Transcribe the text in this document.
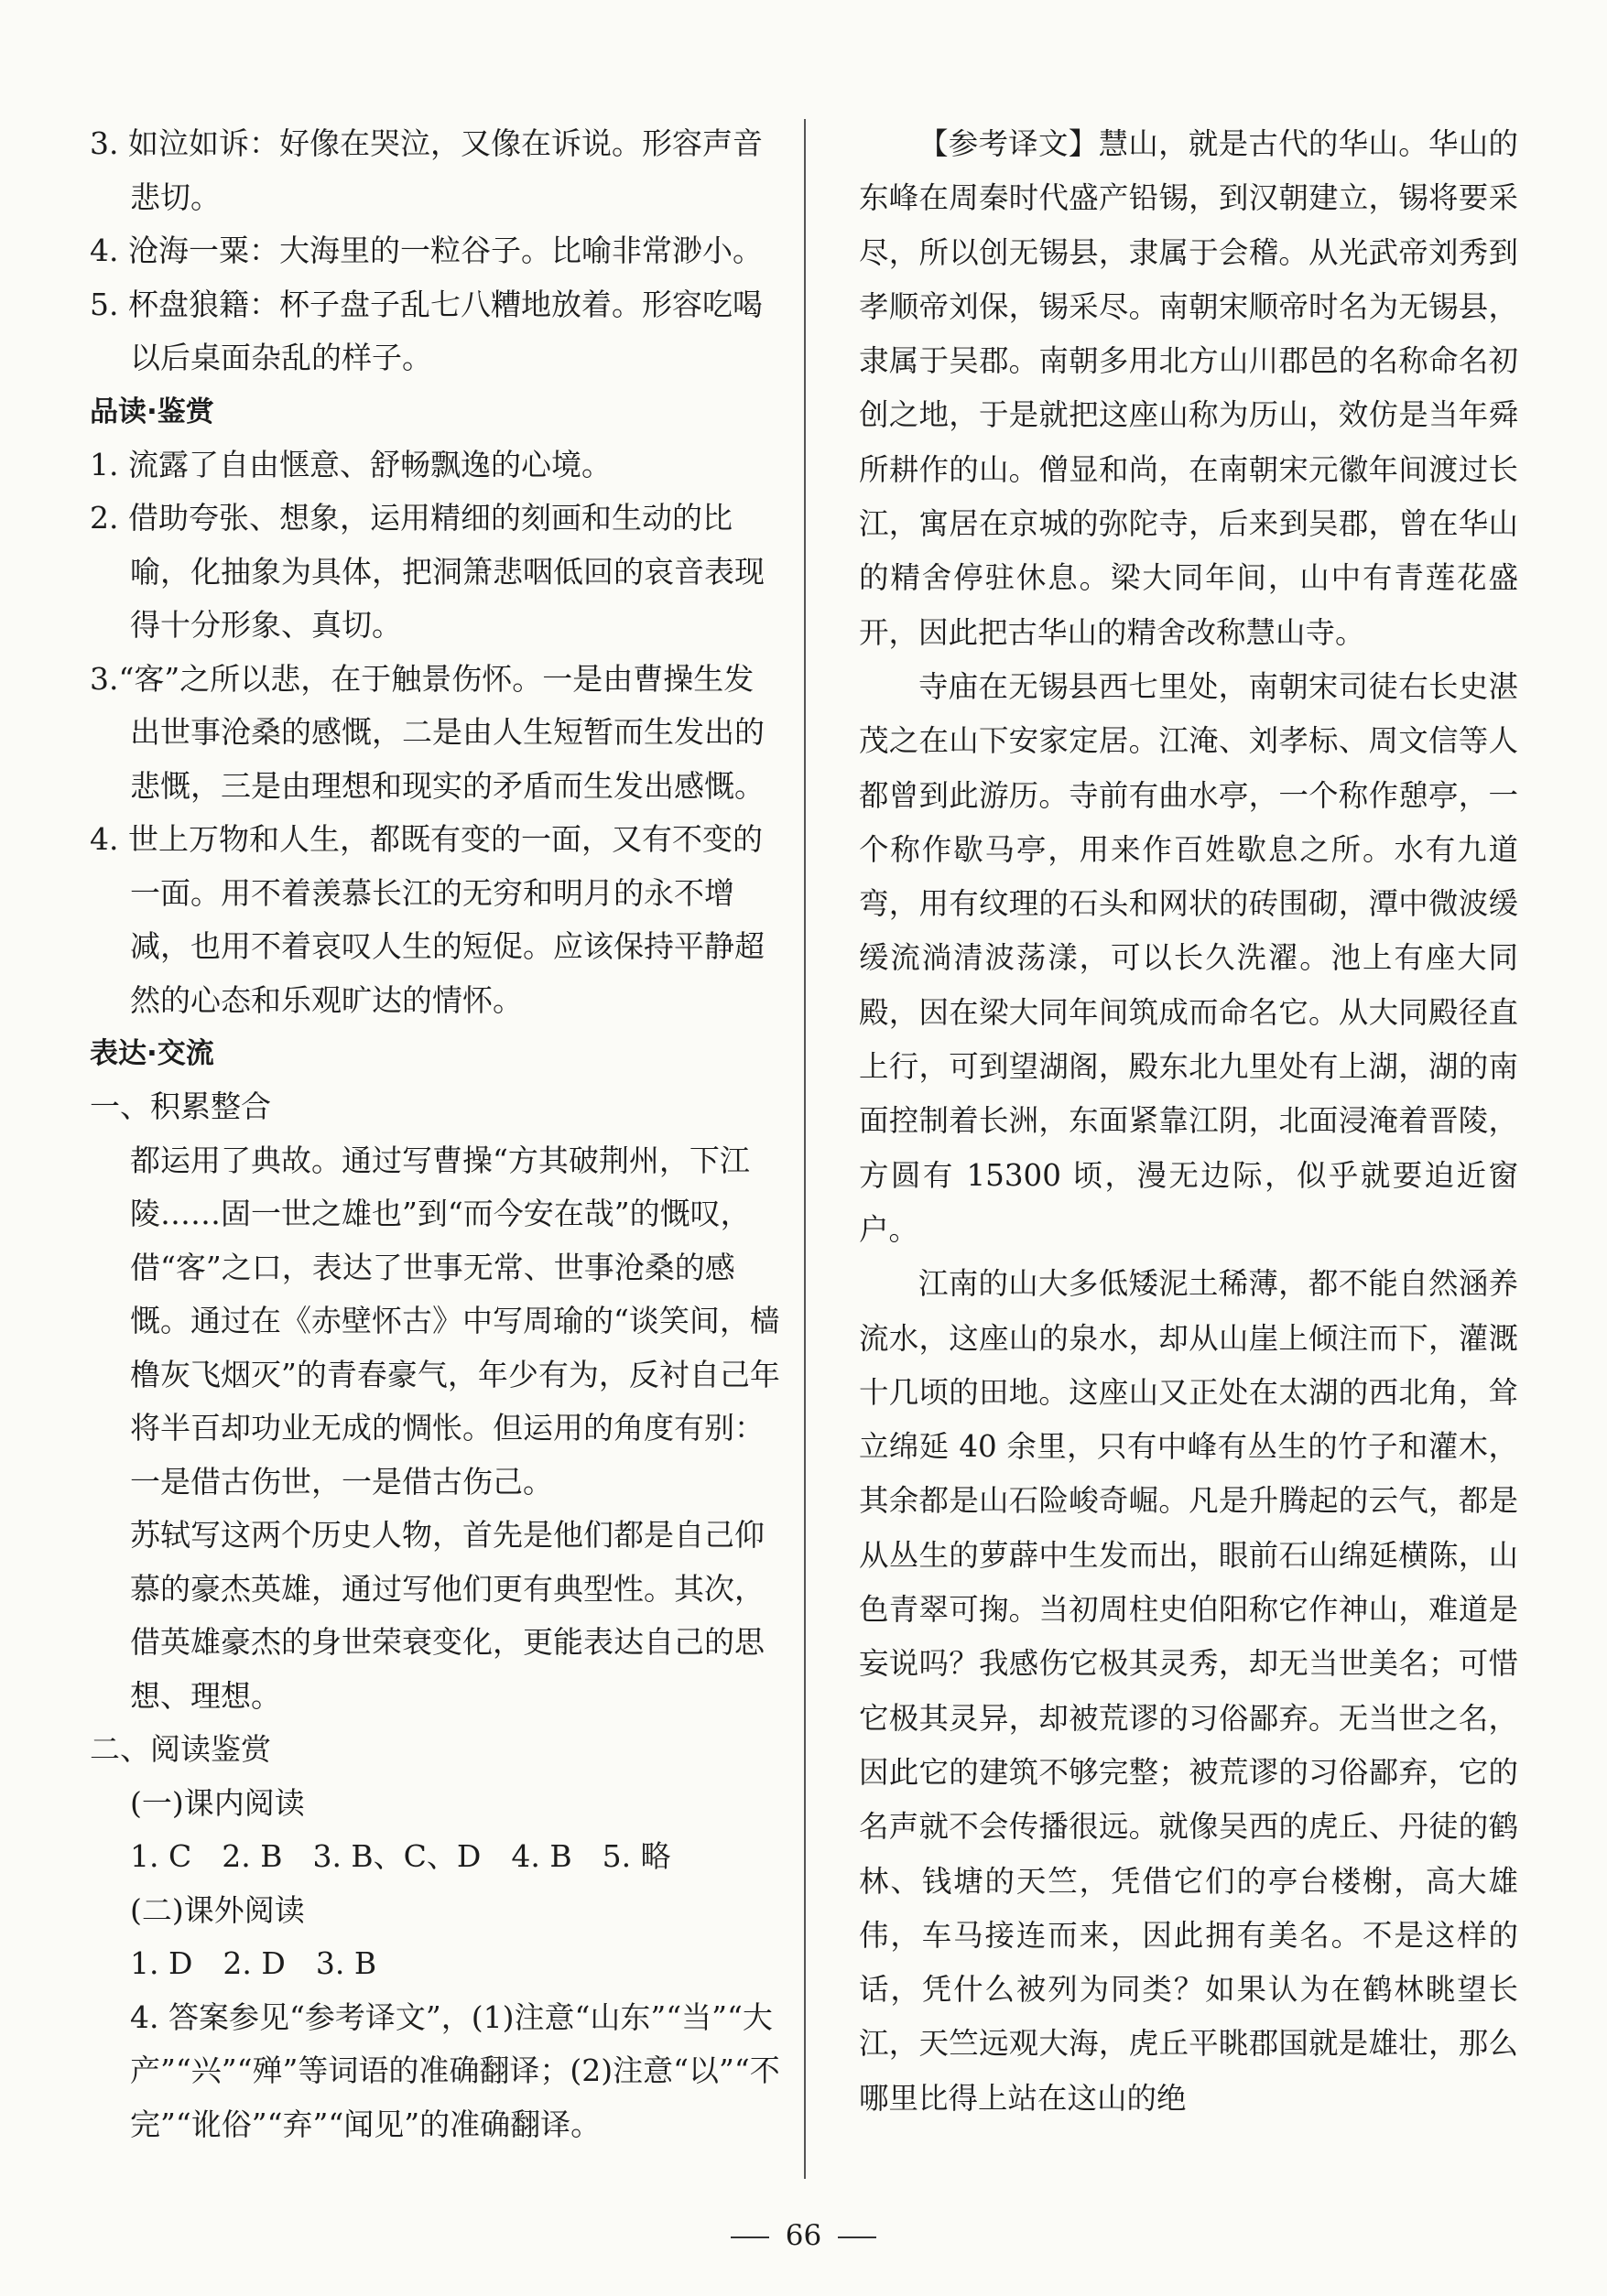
3. 如泣如诉：好像在哭泣，又像在诉说。形容声音悲切。

4. 沧海一粟：大海里的一粒谷子。比喻非常渺小。

5. 杯盘狼籍：杯子盘子乱七八糟地放着。形容吃喝以后桌面杂乱的样子。

品读·鉴赏

1. 流露了自由惬意、舒畅飘逸的心境。

2. 借助夸张、想象，运用精细的刻画和生动的比喻，化抽象为具体，把洞箫悲咽低回的哀音表现得十分形象、真切。

3.“客”之所以悲，在于触景伤怀。一是由曹操生发出世事沧桑的感慨，二是由人生短暂而生发出的悲慨，三是由理想和现实的矛盾而生发出感慨。

4. 世上万物和人生，都既有变的一面，又有不变的一面。用不着羡慕长江的无穷和明月的永不增减，也用不着哀叹人生的短促。应该保持平静超然的心态和乐观旷达的情怀。

表达·交流

一、积累整合

都运用了典故。通过写曹操“方其破荆州，下江陵……固一世之雄也”到“而今安在哉”的慨叹，借“客”之口，表达了世事无常、世事沧桑的感慨。通过在《赤壁怀古》中写周瑜的“谈笑间，樯橹灰飞烟灭”的青春豪气，年少有为，反衬自己年将半百却功业无成的惆怅。但运用的角度有别：一是借古伤世，一是借古伤己。

苏轼写这两个历史人物，首先是他们都是自己仰慕的豪杰英雄，通过写他们更有典型性。其次，借英雄豪杰的身世荣衰变化，更能表达自己的思想、理想。

二、阅读鉴赏

(一)课内阅读

1. C　2. B　3. B、C、D　4. B　5. 略

(二)课外阅读

1. D　2. D　3. B

4. 答案参见“参考译文”，(1)注意“山东”“当”“大产”“兴”“殚”等词语的准确翻译；(2)注意“以”“不完”“讹俗”“弃”“闻见”的准确翻译。

【参考译文】慧山，就是古代的华山。华山的东峰在周秦时代盛产铅锡，到汉朝建立，锡将要采尽，所以创无锡县，隶属于会稽。从光武帝刘秀到孝顺帝刘保，锡采尽。南朝宋顺帝时名为无锡县，隶属于吴郡。南朝多用北方山川郡邑的名称命名初创之地，于是就把这座山称为历山，效仿是当年舜所耕作的山。僧显和尚，在南朝宋元徽年间渡过长江，寓居在京城的弥陀寺，后来到吴郡，曾在华山的精舍停驻休息。梁大同年间，山中有青莲花盛开，因此把古华山的精舍改称慧山寺。

寺庙在无锡县西七里处，南朝宋司徒右长史湛茂之在山下安家定居。江淹、刘孝标、周文信等人都曾到此游历。寺前有曲水亭，一个称作憩亭，一个称作歇马亭，用来作百姓歇息之所。水有九道弯，用有纹理的石头和网状的砖围砌，潭中微波缓缓流淌清波荡漾，可以长久洗濯。池上有座大同殿，因在梁大同年间筑成而命名它。从大同殿径直上行，可到望湖阁，殿东北九里处有上湖，湖的南面控制着长洲，东面紧靠江阴，北面浸淹着晋陵，方圆有 15300 顷，漫无边际，似乎就要迫近窗户。

江南的山大多低矮泥土稀薄，都不能自然涵养流水，这座山的泉水，却从山崖上倾注而下，灌溉十几顷的田地。这座山又正处在太湖的西北角，耸立绵延 40 余里，只有中峰有丛生的竹子和灌木，其余都是山石险峻奇崛。凡是升腾起的云气，都是从丛生的萝薜中生发而出，眼前石山绵延横陈，山色青翠可掬。当初周柱史伯阳称它作神山，难道是妄说吗？我感伤它极其灵秀，却无当世美名；可惜它极其灵异，却被荒谬的习俗鄙弃。无当世之名，因此它的建筑不够完整；被荒谬的习俗鄙弃，它的名声就不会传播很远。就像吴西的虎丘、丹徒的鹤林、钱塘的天竺，凭借它们的亭台楼榭，高大雄伟，车马接连而来，因此拥有美名。不是这样的话，凭什么被列为同类？如果认为在鹤林眺望长江，天竺远观大海，虎丘平眺郡国就是雄壮，那么哪里比得上站在这山的绝

66
